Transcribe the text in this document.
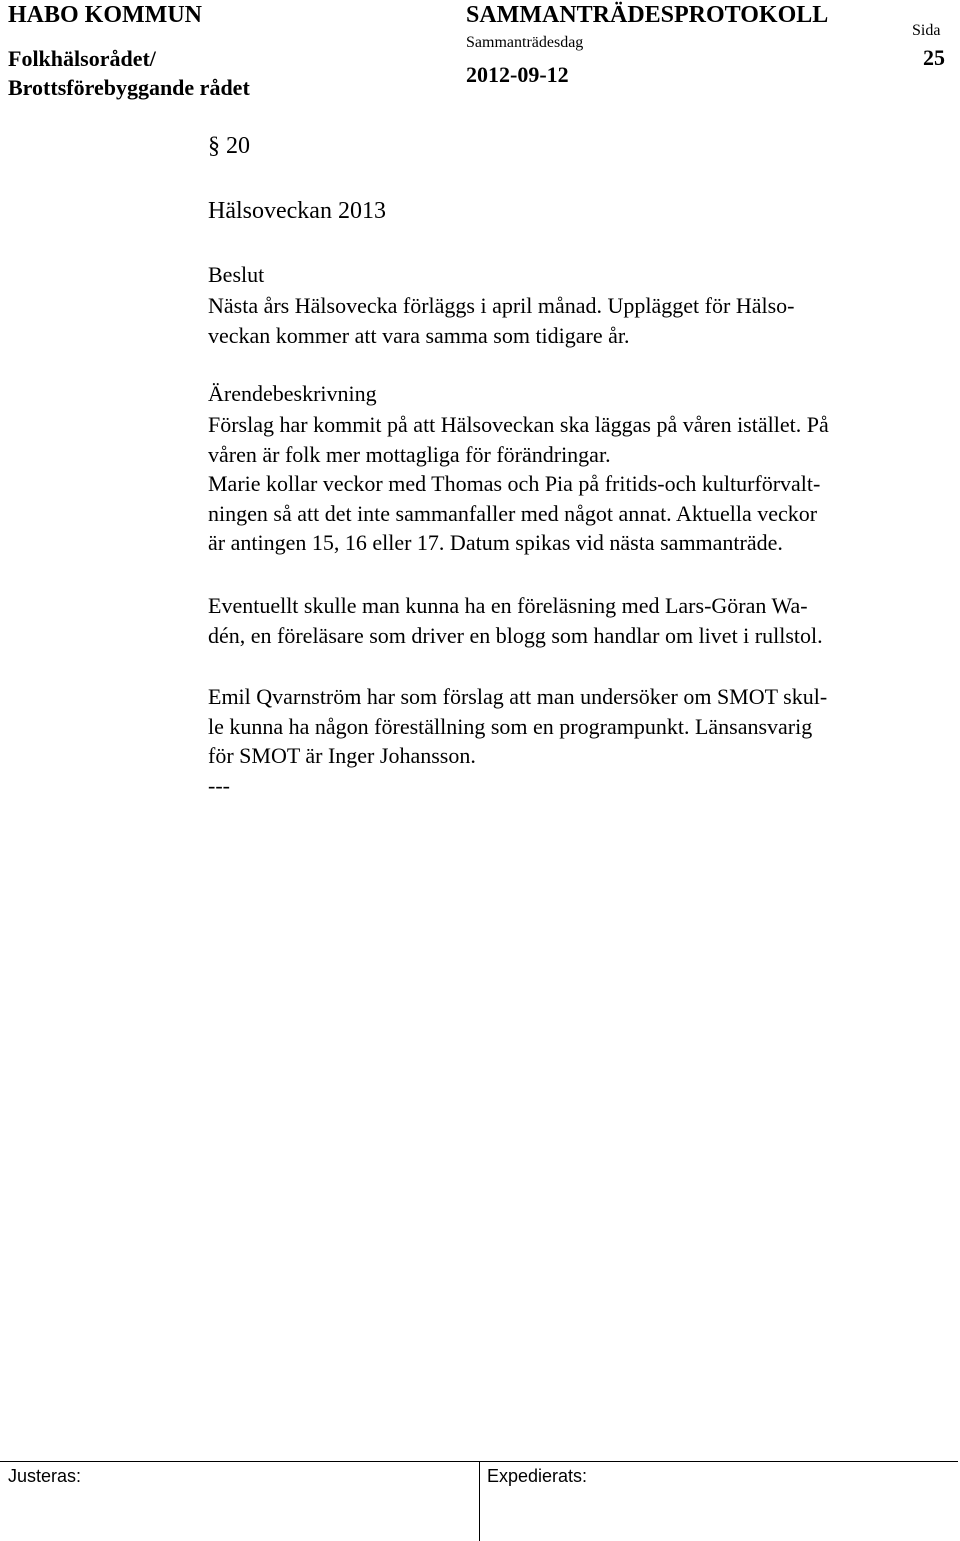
HABO KOMMUN
Folkhälsorådet/
Brottsförebyggande rådet
SAMMANTRÄDESPROTOKOLL
Sammanträdesdag
2012-09-12
Sida
25
§ 20
Hälsoveckan 2013
Beslut
Nästa års Hälsovecka förläggs i april månad. Upplägget för Hälso-
veckan kommer att vara samma som tidigare år.
Ärendebeskrivning
Förslag har kommit på att Hälsoveckan ska läggas på våren istället. På
våren är folk mer mottagliga för förändringar.
Marie kollar veckor med Thomas och Pia på fritids-och kulturförvalt-
ningen så att det inte sammanfaller med något annat. Aktuella veckor
är antingen 15, 16 eller 17. Datum spikas vid nästa sammanträde.
Eventuellt skulle man kunna ha en föreläsning med Lars-Göran Wa-
dén, en föreläsare som driver en blogg som handlar om livet i rullstol.
Emil Qvarnström har som förslag att man undersöker om SMOT skul-
le kunna ha någon föreställning som en programpunkt. Länsansvarig
för SMOT är Inger Johansson.
---
Justeras:	Expedierats:
